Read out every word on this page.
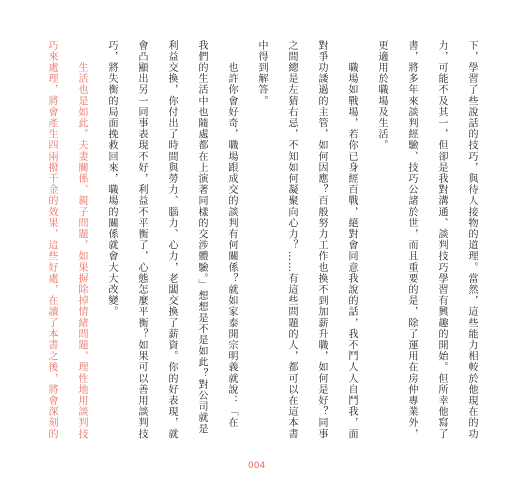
下，學習了些說話的技巧，與待人接物的道理。當然，這些能力相較於他現在的功
力，可能不及其一，但卻是我對溝通、談判技巧學習有興趣的開始。但所幸他寫了
書，將多年來談判經驗、技巧公諸於世，而且重要的是，除了運用在房仲專業外，
更適用於職場及生活。
　　職場如戰場，若你已身經百戰，絕對會同意我說的話，我不鬥人人自鬥我，面
對爭功諉過的主管，如何因應？百般努力工作也換不到加薪升職，如何是好？同事
之間總是左猜右忌，不知如何凝聚向心力？……有這些問題的人，都可以在這本書
中得到解答。
　　也許你會好奇，職場跟成交的談判有何關係？就如家泰開宗明義就說：「在
我們的生活中也隨處都在上演著同樣的交涉體驗。」想想是不是如此？對公司就是
利益交換，你付出了時間與勞力、腦力、心力，老闆交換了薪資。你的好表現，就
會凸顯出另一同事表現不好，利益不平衡了，心態怎麼平衡？如果可以善用談判技
巧，將失衡的局面挽救回來，職場的關係就會大大改變。
　　生活也是如此。夫妻關係、親子問題，如果摒除掉情緒問題，理性地用談判技
巧來處理，將會產生四兩撥千金的效果，這些好處，在讀了本書之後，將會深刻的
004
